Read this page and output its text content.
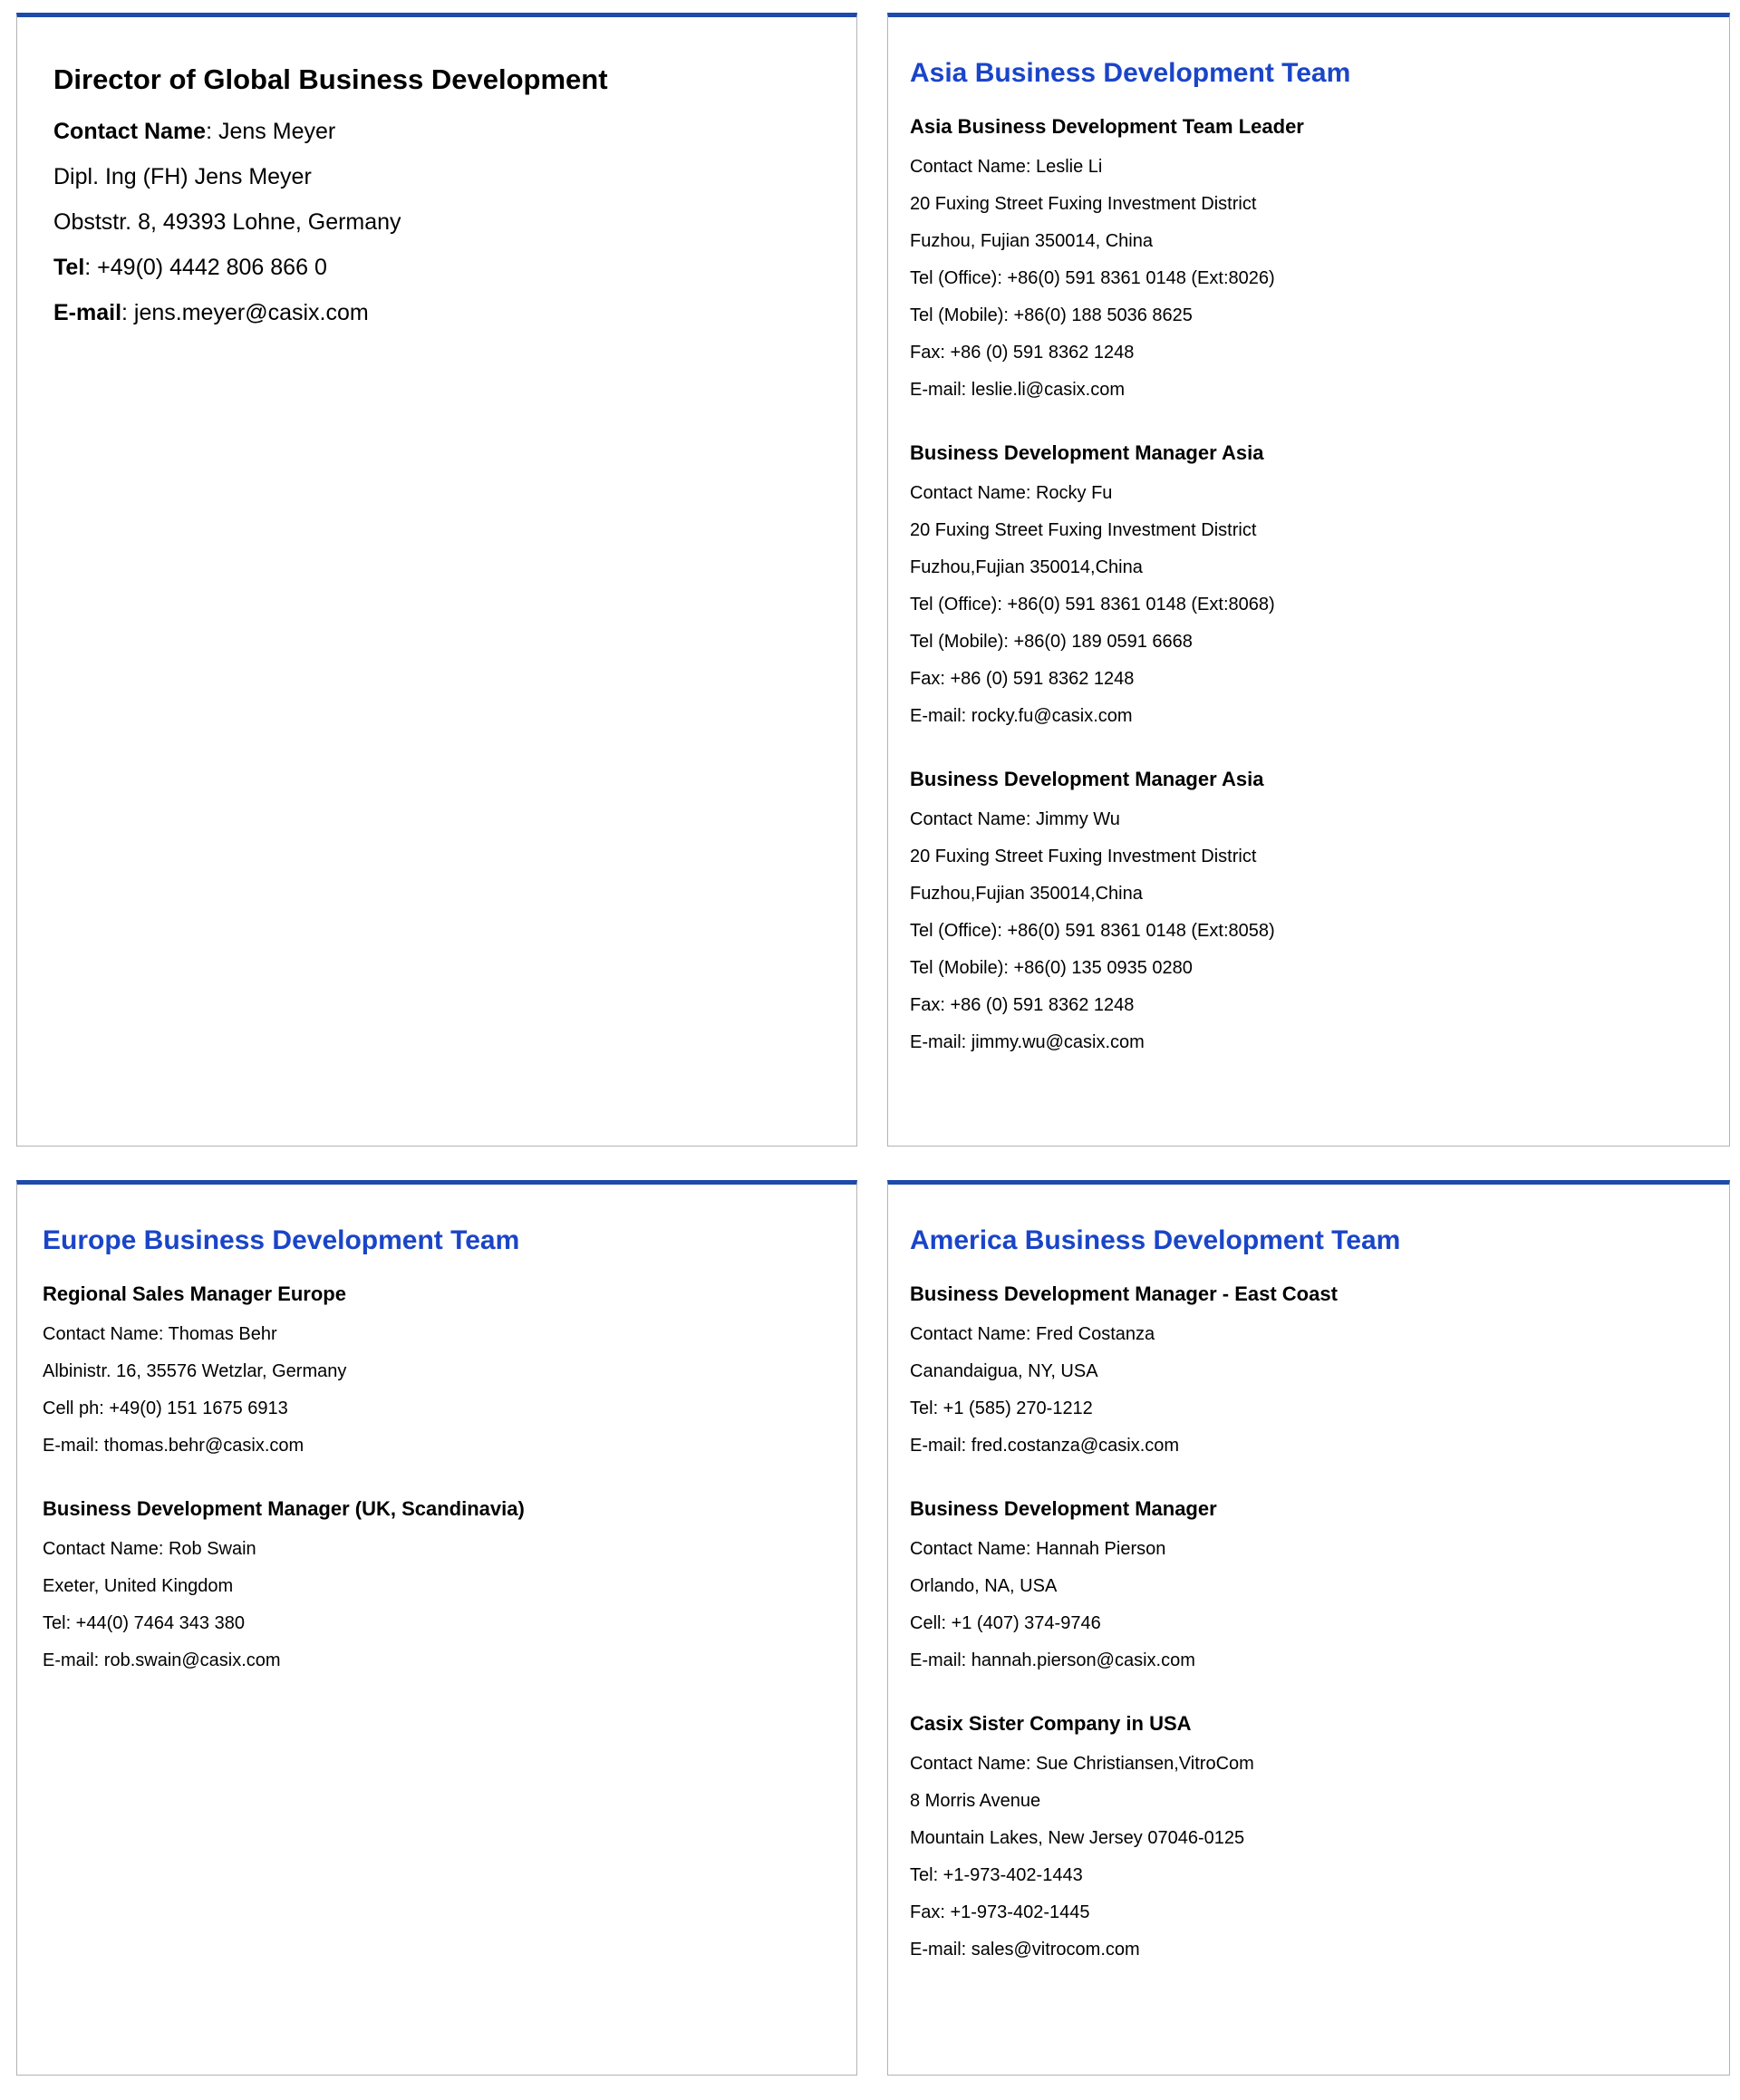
Director of Global Business Development

Contact Name: Jens Meyer

Dipl. Ing (FH) Jens Meyer

Obststr. 8, 49393 Lohne, Germany

Tel: +49(0) 4442 806 866 0

E-mail: jens.meyer@casix.com

Asia Business Development Team
Asia Business Development Team Leader

Contact Name: Leslie Li

20 Fuxing Street Fuxing Investment District

Fuzhou, Fujian 350014, China

Tel (Office): +86(0) 591 8361 0148 (Ext:8026)

Tel (Mobile): +86(0) 188 5036 8625

Fax: +86 (0) 591 8362 1248

E-mail: leslie.li@casix.com

Business Development Manager Asia

Contact Name: Rocky Fu

20 Fuxing Street Fuxing Investment District

Fuzhou,Fujian 350014,China

Tel (Office): +86(0) 591 8361 0148 (Ext:8068)

Tel (Mobile): +86(0) 189 0591 6668

Fax: +86 (0) 591 8362 1248

E-mail: rocky.fu@casix.com

Business Development Manager Asia

Contact Name: Jimmy Wu

20 Fuxing Street Fuxing Investment District

Fuzhou,Fujian 350014,China

Tel (Office): +86(0) 591 8361 0148 (Ext:8058)

Tel (Mobile): +86(0) 135 0935 0280

Fax: +86 (0) 591 8362 1248

E-mail: jimmy.wu@casix.com

Europe Business Development Team
Regional Sales Manager Europe

Contact Name: Thomas Behr

Albinistr. 16, 35576 Wetzlar, Germany

Cell ph: +49(0) 151 1675 6913

E-mail: thomas.behr@casix.com

Business Development Manager (UK, Scandinavia)

Contact Name: Rob Swain

Exeter, United Kingdom

Tel: +44(0) 7464 343 380

E-mail: rob.swain@casix.com

America Business Development Team
Business Development Manager - East Coast

Contact Name: Fred Costanza

Canandaigua, NY, USA

Tel: +1 (585) 270-1212

E-mail: fred.costanza@casix.com

Business Development Manager

Contact Name: Hannah Pierson

Orlando, NA, USA

Cell: +1 (407) 374-9746

E-mail: hannah.pierson@casix.com

Casix Sister Company in USA

Contact Name: Sue Christiansen,VitroCom

8 Morris Avenue

Mountain Lakes, New Jersey 07046-0125

Tel: +1-973-402-1443

Fax: +1-973-402-1445

E-mail: sales@vitrocom.com
